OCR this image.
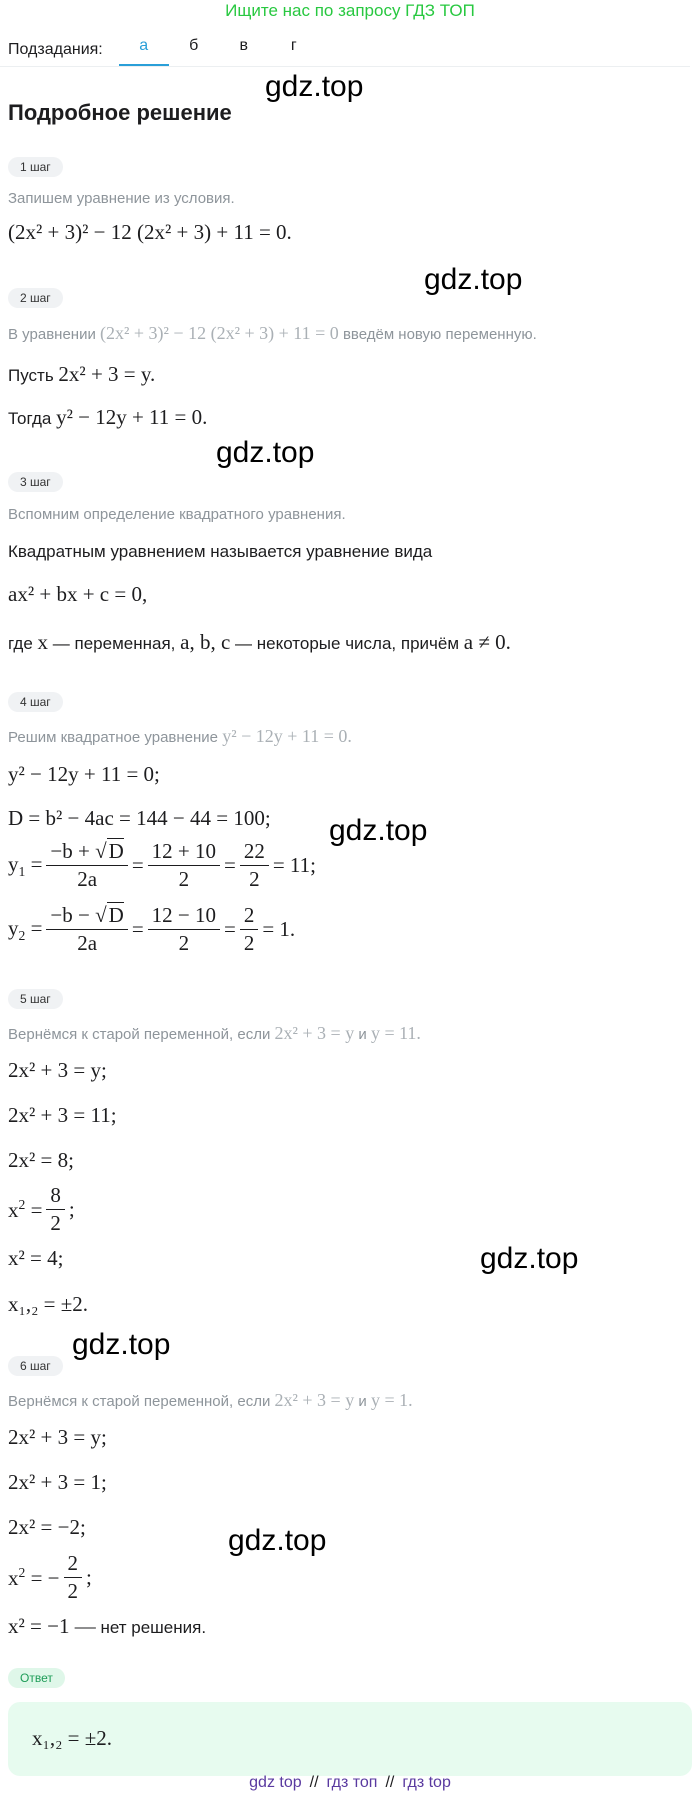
Ищите нас по запросу ГДЗ ТОП
Подзадания:	а	б	в	г
Подробное решение
gdz.top
gdz.top
gdz.top
gdz.top
gdz.top
gdz.top
gdz.top
1 шаг
Запишем уравнение из условия.
(2x² + 3)² − 12 (2x² + 3) + 11 = 0.
2 шаг
В уравнении (2x² + 3)² − 12 (2x² + 3) + 11 = 0 введём новую переменную.
Пусть 2x² + 3 = y.
Тогда y² − 12y + 11 = 0.
3 шаг
Вспомним определение квадратного уравнения.
Квадратным уравнением называется уравнение вида
ax² + bx + c = 0,
где x — переменная, a, b, c — некоторые числа, причём a ≠ 0.
4 шаг
Решим квадратное уравнение y² − 12y + 11 = 0.
y² − 12y + 11 = 0;
D = b² − 4ac = 144 − 44 = 100;
$y_1 = \frac{-b + √D}{2a} = \frac{12 + 10}{2} = \frac{22}{2} = 11$;
$y_2 = \frac{-b - √D}{2a} = \frac{12 - 10}{2} = \frac{2}{2} = 1$.
5 шаг
Вернёмся к старой переменной, если 2x² + 3 = y и y = 11.
2x² + 3 = y;
2x² + 3 = 11;
2x² = 8;
$x^2 = \frac{8}{2}$ ;
x² = 4;
x₁,₂ = ±2.
6 шаг
Вернёмся к старой переменной, если 2x² + 3 = y и y = 1.
2x² + 3 = y;
2x² + 3 = 1;
2x² = −2;
$x^2$ = − $\frac{2}{2}$ ;
x² = −1 — нет решения.
Ответ
x₁,₂ = ±2.
gdz top // гдз топ // гдз top
